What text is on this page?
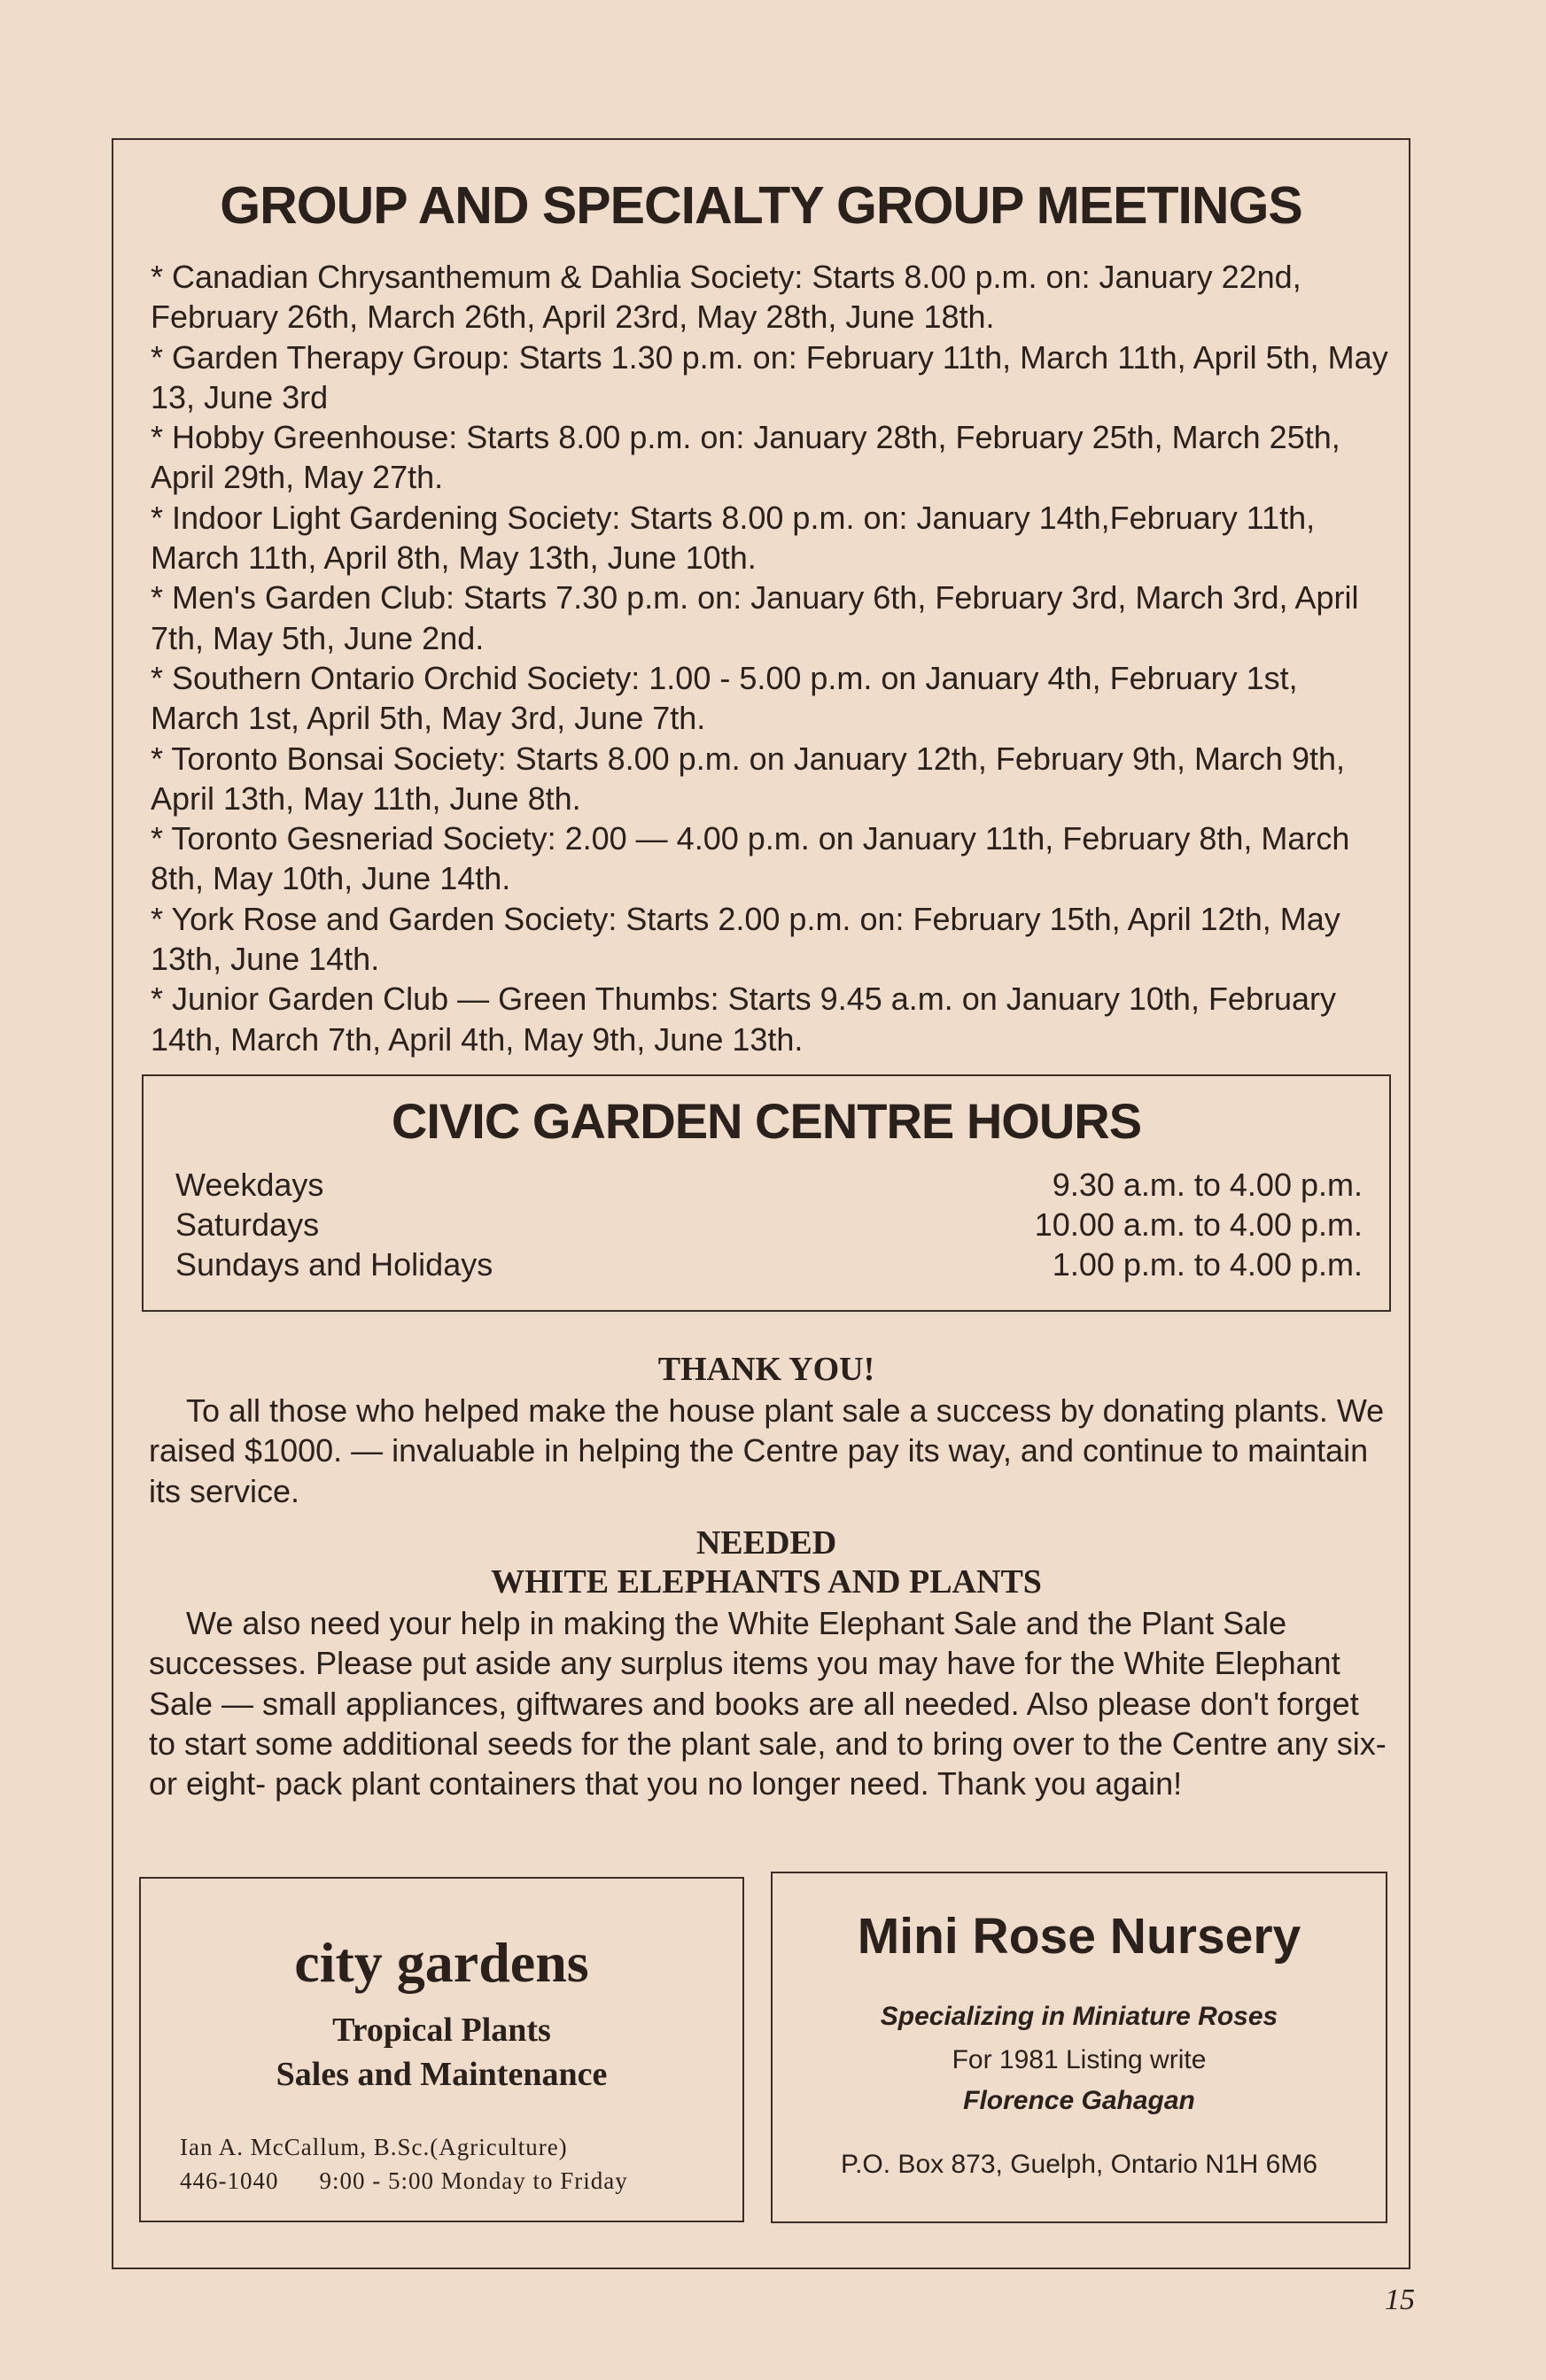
GROUP AND SPECIALTY GROUP MEETINGS

* Canadian Chrysanthemum & Dahlia Society: Starts 8.00 p.m. on: January 22nd, February 26th, March 26th, April 23rd, May 28th, June 18th.

* Garden Therapy Group: Starts 1.30 p.m. on: February 11th, March 11th, April 5th, May 13, June 3rd

* Hobby Greenhouse: Starts 8.00 p.m. on: January 28th, February 25th, March 25th, April 29th, May 27th.

* Indoor Light Gardening Society: Starts 8.00 p.m. on: January 14th,February 11th, March 11th, April 8th, May 13th, June 10th.

* Men's Garden Club: Starts 7.30 p.m. on: January 6th, February 3rd, March 3rd, April 7th, May 5th, June 2nd.

* Southern Ontario Orchid Society: 1.00 - 5.00 p.m. on January 4th, February 1st, March 1st, April 5th, May 3rd, June 7th.

* Toronto Bonsai Society: Starts 8.00 p.m. on January 12th, February 9th, March 9th, April 13th, May 11th, June 8th.

* Toronto Gesneriad Society: 2.00 — 4.00 p.m. on January 11th, February 8th, March 8th, May 10th, June 14th.

* York Rose and Garden Society: Starts 2.00 p.m. on: February 15th, April 12th, May 13th, June 14th.

* Junior Garden Club — Green Thumbs: Starts 9.45 a.m. on January 10th, February 14th, March 7th, April 4th, May 9th, June 13th.

CIVIC GARDEN CENTRE HOURS
Weekdays	9.30 a.m. to 4.00 p.m.
Saturdays	10.00 a.m. to 4.00 p.m.
Sundays and Holidays	1.00 p.m. to 4.00 p.m.
THANK YOU!

To all those who helped make the house plant sale a success by donating plants. We raised $1000. — invaluable in helping the Centre pay its way, and continue to maintain its service.

NEEDED
WHITE ELEPHANTS AND PLANTS

We also need your help in making the White Elephant Sale and the Plant Sale successes. Please put aside any surplus items you may have for the White Elephant Sale — small appliances, giftwares and books are all needed. Also please don't forget to start some additional seeds for the plant sale, and to bring over to the Centre any six- or eight- pack plant containers that you no longer need. Thank you again!

city gardens
Tropical Plants
Sales and Maintenance
Ian A. McCallum, B.Sc.(Agriculture)
446-1040 9:00 - 5:00 Monday to Friday
Mini Rose Nursery
Specializing in Miniature Roses
For 1981 Listing write
Florence Gahagan
P.O. Box 873, Guelph, Ontario N1H 6M6
15
